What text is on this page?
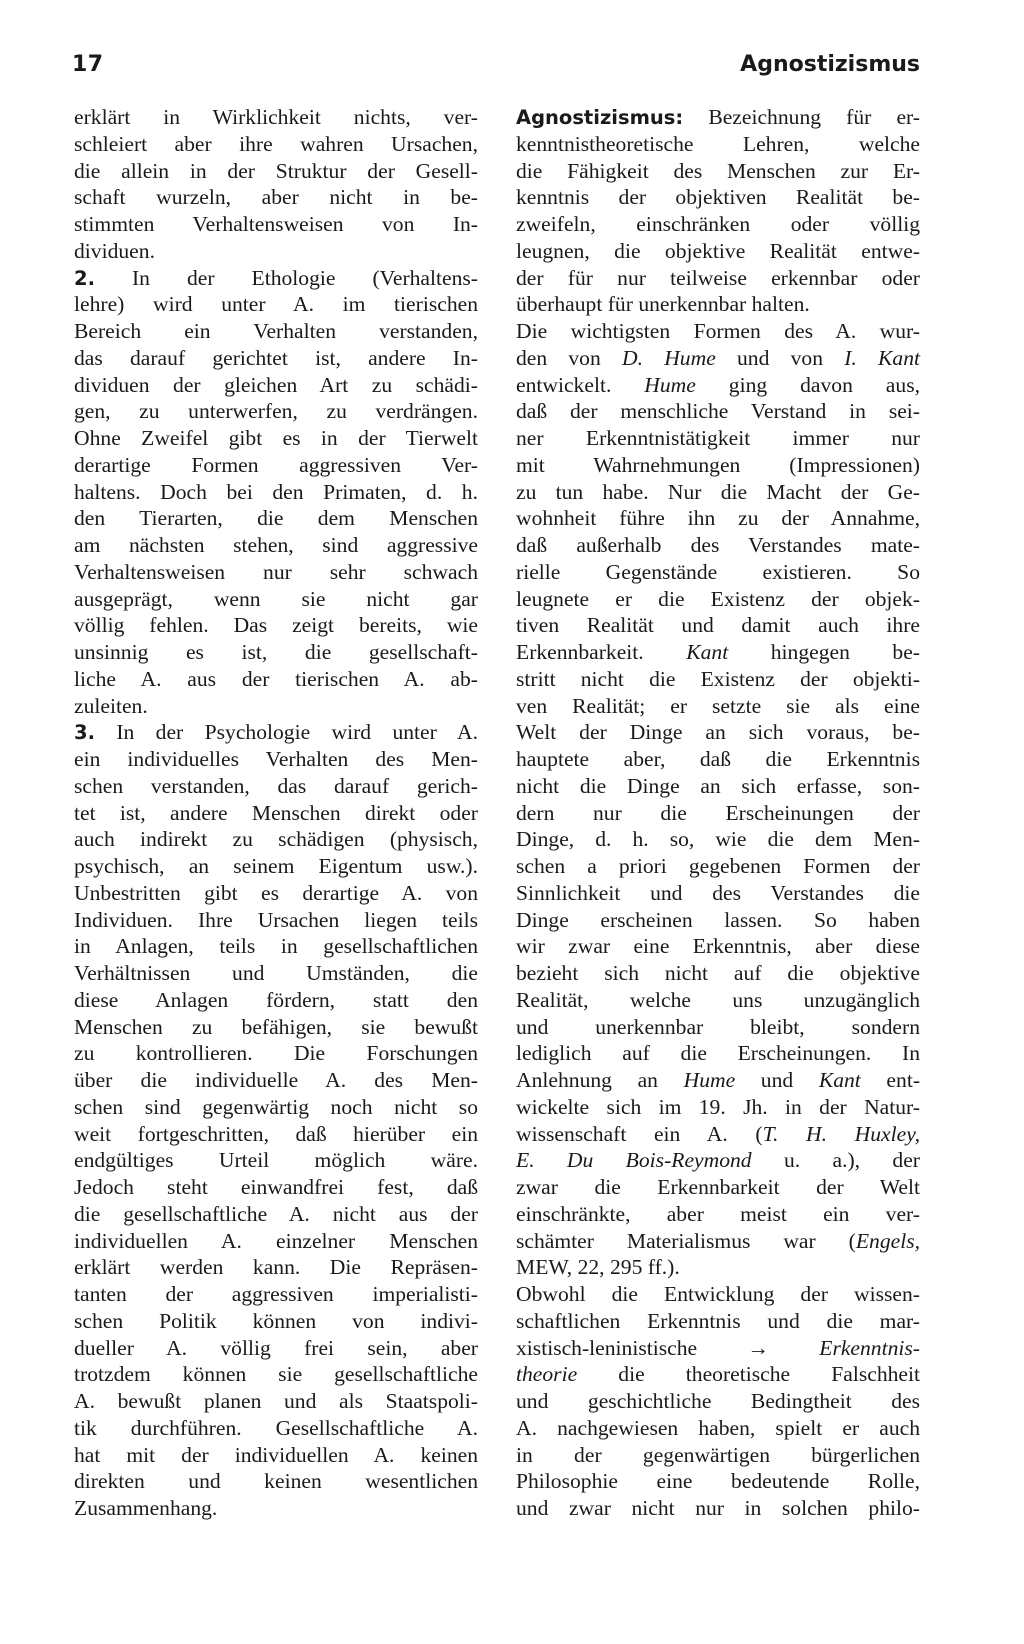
17	Agnostizismus
erklärt in Wirklichkeit nichts, ver-
schleiert aber ihre wahren Ursachen,
die allein in der Struktur der Gesell-
schaft wurzeln, aber nicht in be-
stimmten Verhaltensweisen von In-
dividuen.
2. In der Ethologie (Verhaltens-
lehre) wird unter A. im tierischen
Bereich ein Verhalten verstanden,
das darauf gerichtet ist, andere In-
dividuen der gleichen Art zu schädi-
gen, zu unterwerfen, zu verdrängen.
Ohne Zweifel gibt es in der Tierwelt
derartige Formen aggressiven Ver-
haltens. Doch bei den Primaten, d. h.
den Tierarten, die dem Menschen
am nächsten stehen, sind aggressive
Verhaltensweisen nur sehr schwach
ausgeprägt, wenn sie nicht gar
völlig fehlen. Das zeigt bereits, wie
unsinnig es ist, die gesellschaft-
liche A. aus der tierischen A. ab-
zuleiten.
3. In der Psychologie wird unter A.
ein individuelles Verhalten des Men-
schen verstanden, das darauf gerich-
tet ist, andere Menschen direkt oder
auch indirekt zu schädigen (physisch,
psychisch, an seinem Eigentum usw.).
Unbestritten gibt es derartige A. von
Individuen. Ihre Ursachen liegen teils
in Anlagen, teils in gesellschaftlichen
Verhältnissen und Umständen, die
diese Anlagen fördern, statt den
Menschen zu befähigen, sie bewußt
zu kontrollieren. Die Forschungen
über die individuelle A. des Men-
schen sind gegenwärtig noch nicht so
weit fortgeschritten, daß hierüber ein
endgültiges Urteil möglich wäre.
Jedoch steht einwandfrei fest, daß
die gesellschaftliche A. nicht aus der
individuellen A. einzelner Menschen
erklärt werden kann. Die Repräsen-
tanten der aggressiven imperialisti-
schen Politik können von indivi-
dueller A. völlig frei sein, aber
trotzdem können sie gesellschaftliche
A. bewußt planen und als Staatspoli-
tik durchführen. Gesellschaftliche A.
hat mit der individuellen A. keinen
direkten und keinen wesentlichen
Zusammenhang.
Agnostizismus: Bezeichnung für er-
kenntnistheoretische Lehren, welche
die Fähigkeit des Menschen zur Er-
kenntnis der objektiven Realität be-
zweifeln, einschränken oder völlig
leugnen, die objektive Realität entwe-
der für nur teilweise erkennbar oder
überhaupt für unerkennbar halten.
Die wichtigsten Formen des A. wur-
den von D. Hume und von I. Kant
entwickelt. Hume ging davon aus,
daß der menschliche Verstand in sei-
ner Erkenntnistätigkeit immer nur
mit Wahrnehmungen (Impressionen)
zu tun habe. Nur die Macht der Ge-
wohnheit führe ihn zu der Annahme,
daß außerhalb des Verstandes mate-
rielle Gegenstände existieren. So
leugnete er die Existenz der objek-
tiven Realität und damit auch ihre
Erkennbarkeit. Kant hingegen be-
stritt nicht die Existenz der objekti-
ven Realität; er setzte sie als eine
Welt der Dinge an sich voraus, be-
hauptete aber, daß die Erkenntnis
nicht die Dinge an sich erfasse, son-
dern nur die Erscheinungen der
Dinge, d. h. so, wie die dem Men-
schen a priori gegebenen Formen der
Sinnlichkeit und des Verstandes die
Dinge erscheinen lassen. So haben
wir zwar eine Erkenntnis, aber diese
bezieht sich nicht auf die objektive
Realität, welche uns unzugänglich
und unerkennbar bleibt, sondern
lediglich auf die Erscheinungen. In
Anlehnung an Hume und Kant ent-
wickelte sich im 19. Jh. in der Natur-
wissenschaft ein A. (T. H. Huxley,
E. Du Bois-Reymond u. a.), der
zwar die Erkennbarkeit der Welt
einschränkte, aber meist ein ver-
schämter Materialismus war (Engels,
MEW, 22, 295 ff.).
Obwohl die Entwicklung der wissen-
schaftlichen Erkenntnis und die mar-
xistisch-leninistische → Erkenntnis-
theorie die theoretische Falschheit
und geschichtliche Bedingtheit des
A. nachgewiesen haben, spielt er auch
in der gegenwärtigen bürgerlichen
Philosophie eine bedeutende Rolle,
und zwar nicht nur in solchen philo-
